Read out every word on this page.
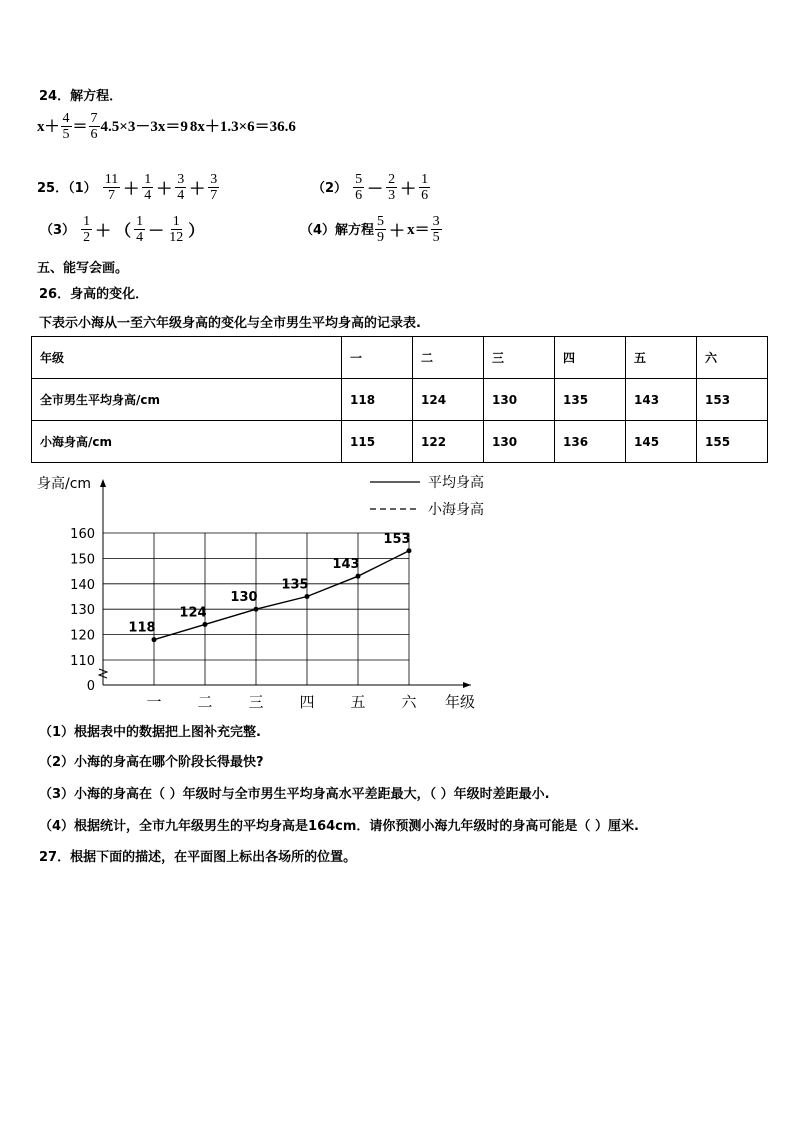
24．解方程．
$x+ \frac{4}{5} = \frac{7}{6} 4.5\times 3-3x=9$ 8x＋1.3×6＝36.6
25．$(1) \frac{11}{7} + \frac{1}{4} + \frac{3}{4} + \frac{3}{7}$	$(2) \frac{5}{6} - \frac{2}{3} + \frac{1}{6}$
$(3) \frac{1}{2}$ ＋ （ $\frac{1}{4} - \frac{1}{12}$ ）	（4）解方程 $\frac{5}{9} + x= \frac{3}{5}$
五、能写会画。
26．身高的变化．
下表示小海从一至六年级身高的变化与全市男生平均身高的记录表.
年级	一	二	三	四	五	六
全市男生平均身高/cm	118	124	130	135	143	153
小海身高/cm	115	122	130	136	145	155
0
110
120
130
140
150
160
一 二 三 四 五 六 年级
身高/cm
118
124
130
135
143
153
平均身高
小海身高
（1）根据表中的数据把上图补充完整.
（2）小海的身高在哪个阶段长得最快?
（3）小海的身高在（ ）年级时与全市男生平均身高水平差距最大，（ ）年级时差距最小.
（4）根据统计，全市九年级男生的平均身高是164cm．请你预测小海九年级时的身高可能是（ ）厘米.
27．根据下面的描述，在平面图上标出各场所的位置。
